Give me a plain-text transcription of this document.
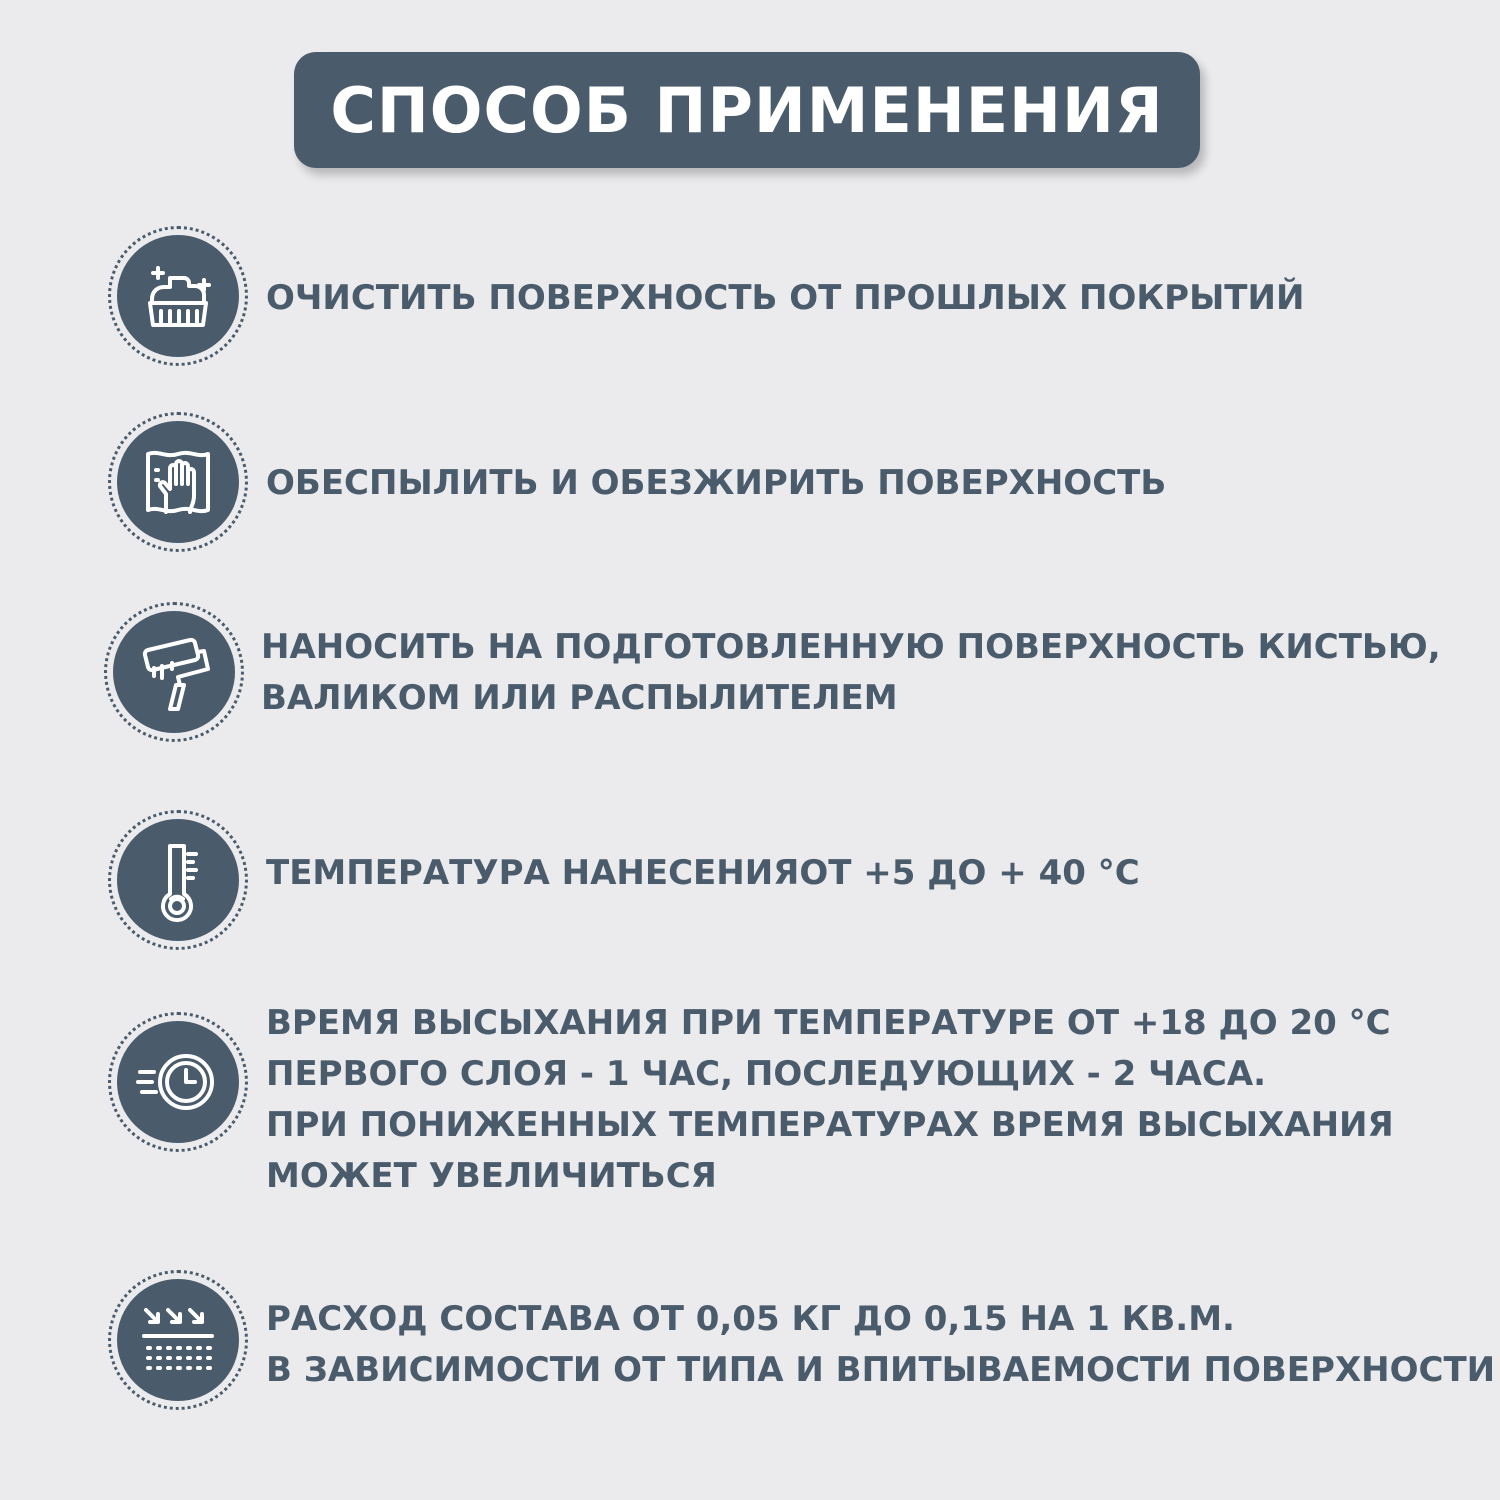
СПОСОБ ПРИМЕНЕНИЯ
ОЧИСТИТЬ ПОВЕРХНОСТЬ ОТ ПРОШЛЫХ ПОКРЫТИЙ
ОБЕСПЫЛИТЬ И ОБЕЗЖИРИТЬ ПОВЕРХНОСТЬ
НАНОСИТЬ НА ПОДГОТОВЛЕННУЮ ПОВЕРХНОСТЬ КИСТЬЮ,
ВАЛИКОМ ИЛИ РАСПЫЛИТЕЛЕМ
ТЕМПЕРАТУРА НАНЕСЕНИЯОТ +5 ДО + 40 °C
ВРЕМЯ ВЫСЫХАНИЯ ПРИ ТЕМПЕРАТУРЕ ОТ +18 ДО 20 °C
ПЕРВОГО СЛОЯ - 1 ЧАС, ПОСЛЕДУЮЩИХ - 2 ЧАСА.
ПРИ ПОНИЖЕННЫХ ТЕМПЕРАТУРАХ ВРЕМЯ ВЫСЫХАНИЯ
МОЖЕТ УВЕЛИЧИТЬСЯ
РАСХОД СОСТАВА ОТ 0,05 КГ ДО 0,15 НА 1 КВ.М.
В ЗАВИСИМОСТИ ОТ ТИПА И ВПИТЫВАЕМОСТИ ПОВЕРХНОСТИ
